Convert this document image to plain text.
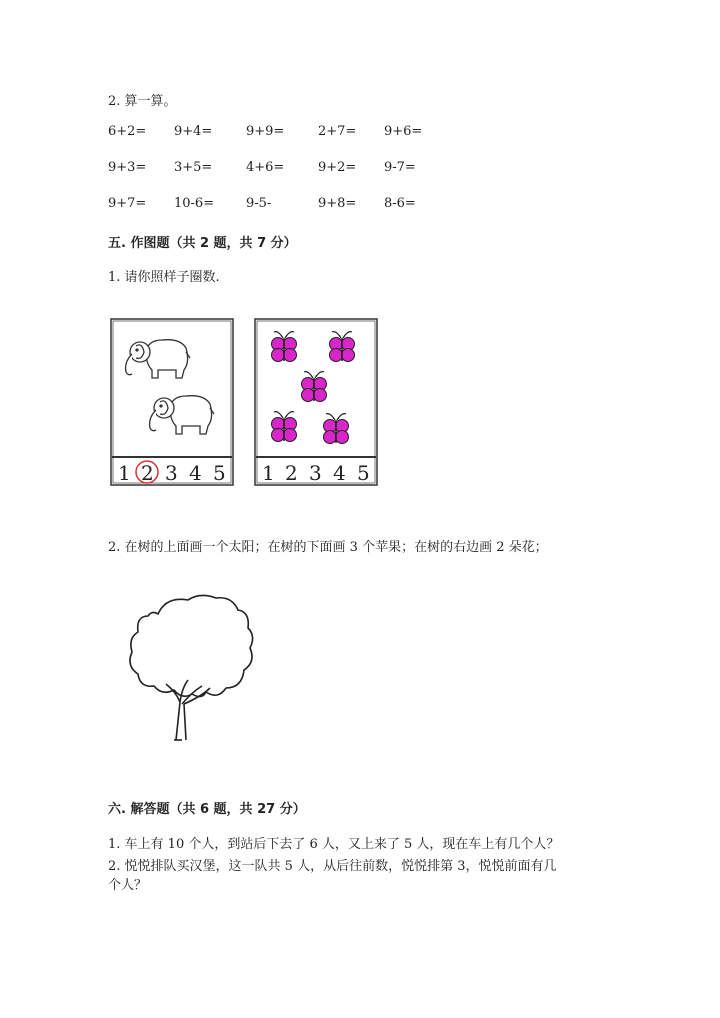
2. 算一算。
6+2= 9+4=	9+9=	2+7= 9+6=
9+3= 3+5=	4+6=	9+2= 9-7=
9+7= 10-6= 9-5-	9+8= 8-6=
五. 作图题（共 2 题，共 7 分）
1. 请你照样子圈数.
1 2 3 4 5 1 2 3 4 5
2. 在树的上面画一个太阳；在树的下面画 3 个苹果；在树的右边画 2 朵花；
六. 解答题（共 6 题，共 27 分）
1. 车上有 10 个人，到站后下去了 6 人，又上来了 5 人，现在车上有几个人？
2. 悦悦排队买汉堡，这一队共 5 人，从后往前数，悦悦排第 3，悦悦前面有几
个人？
